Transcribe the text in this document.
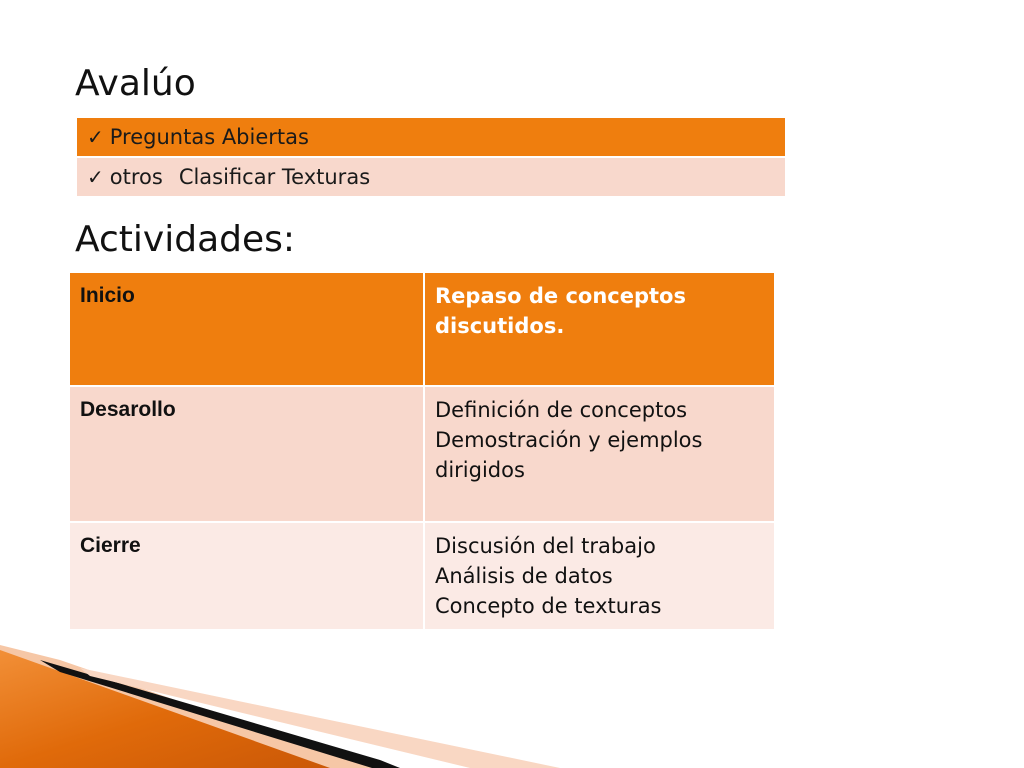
Avalúo
✓ Preguntas Abiertas
✓ otros Clasificar Texturas
Actividades:
Inicio	Repaso de conceptos
discutidos.

Desarollo	Definición de conceptos
Demostración y ejemplos
dirigidos

Cierre	Discusión del trabajo
Análisis de datos
Concepto de texturas
